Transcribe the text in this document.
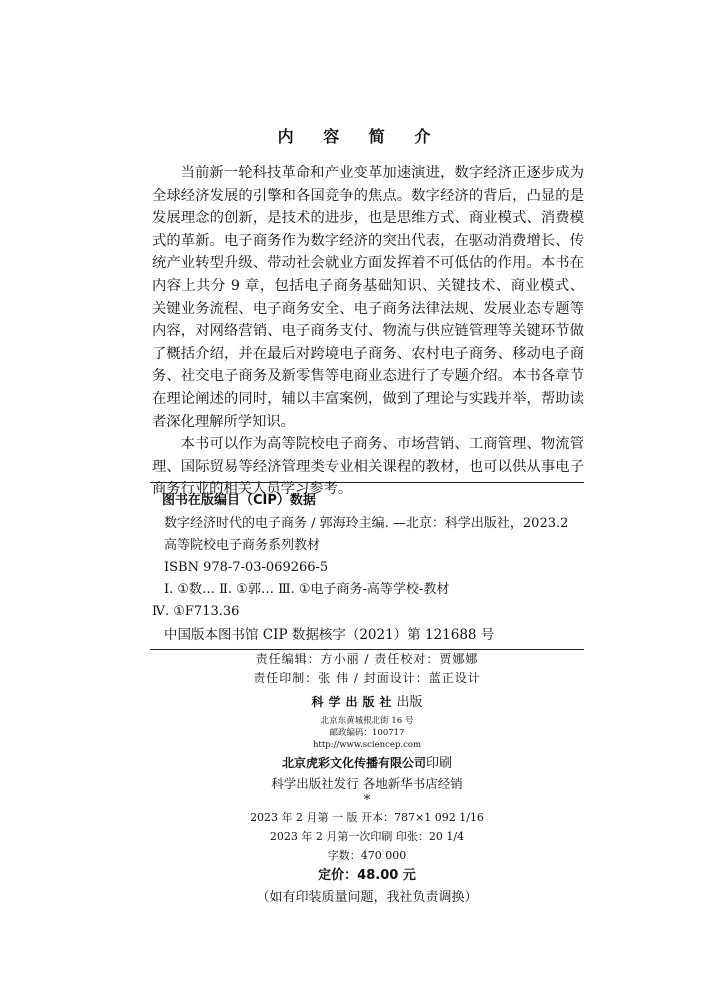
内 容 简 介

当前新一轮科技革命和产业变革加速演进，数字经济正逐步成为全球经济发展的引擎和各国竞争的焦点。数字经济的背后，凸显的是发展理念的创新，是技术的进步，也是思维方式、商业模式、消费模式的革新。电子商务作为数字经济的突出代表，在驱动消费增长、传统产业转型升级、带动社会就业方面发挥着不可低估的作用。本书在内容上共分 9 章，包括电子商务基础知识、关键技术、商业模式、关键业务流程、电子商务安全、电子商务法律法规、发展业态专题等内容，对网络营销、电子商务支付、物流与供应链管理等关键环节做了概括介绍，并在最后对跨境电子商务、农村电子商务、移动电子商务、社交电子商务及新零售等电商业态进行了专题介绍。本书各章节在理论阐述的同时，辅以丰富案例，做到了理论与实践并举，帮助读者深化理解所学知识。

本书可以作为高等院校电子商务、市场营销、工商管理、物流管理、国际贸易等经济管理类专业相关课程的教材，也可以供从事电子商务行业的相关人员学习参考。

图书在版编目（CIP）数据
数字经济时代的电子商务 / 郭海玲主编. —北京：科学出版社，2023.2
高等院校电子商务系列教材
ISBN 978-7-03-069266-5
Ⅰ. ①数… Ⅱ. ①郭… Ⅲ. ①电子商务-高等学校-教材
Ⅳ. ①F713.36
中国版本图书馆 CIP 数据核字（2021）第 121688 号
责任编辑：方小丽 / 责任校对：贾娜娜
责任印制：张 伟 / 封面设计：蓝正设计
科学出版社出版
北京东黄城根北街 16 号
邮政编码：100717
http://www.sciencep.com
北京虎彩文化传播有限公司印刷
科学出版社发行 各地新华书店经销
*
2023 年 2 月第 一 版 开本：787×1 092 1/16
2023 年 2 月第一次印刷 印张：20 1/4
字数：470 000
定价：48.00 元
（如有印装质量问题，我社负责调换）
